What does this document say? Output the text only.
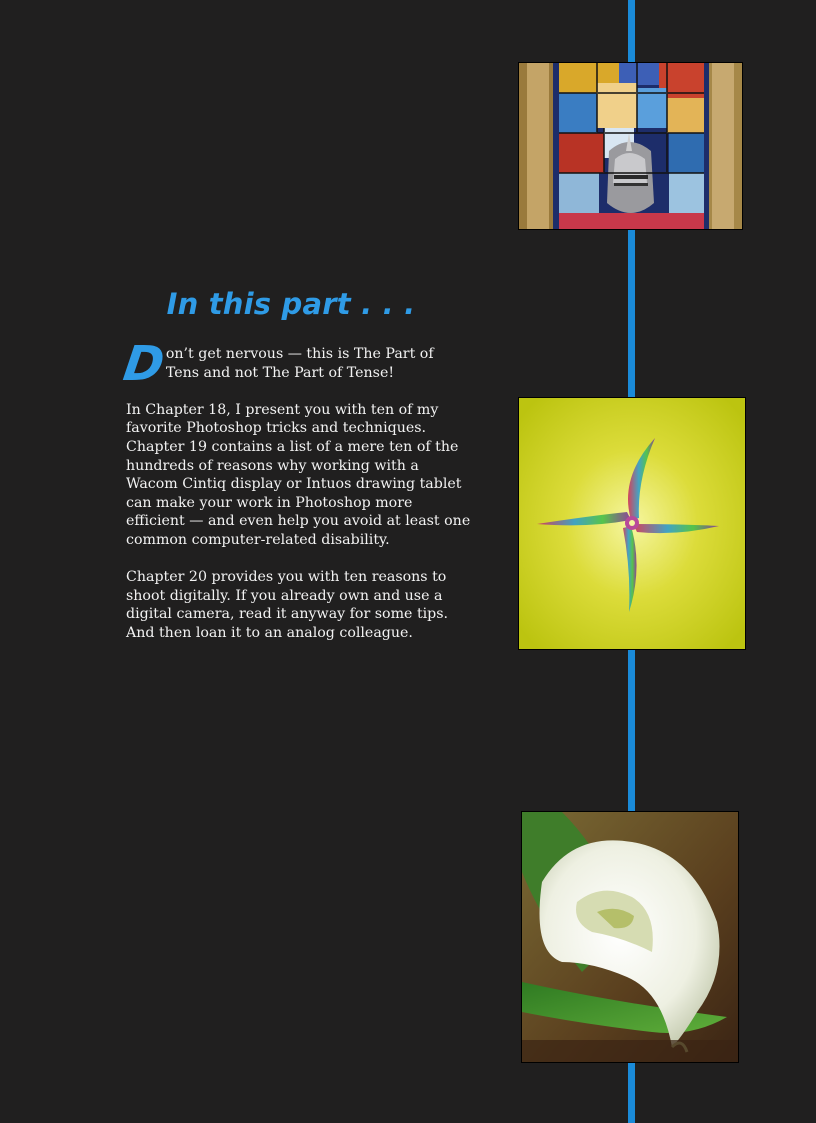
In this part . . .

D
on’t get nervous — this is The Part of Tens and not The Part of Tense!

In Chapter 18, I present you with ten of my favorite Photoshop tricks and techniques. Chapter 19 contains a list of a mere ten of the hundreds of reasons why working with a Wacom Cintiq display or Intuos drawing tablet can make your work in Photoshop more efficient — and even help you avoid at least one common computer-related disability.

Chapter 20 provides you with ten reasons to shoot digitally. If you already own and use a digital camera, read it anyway for some tips. And then loan it to an analog colleague.
